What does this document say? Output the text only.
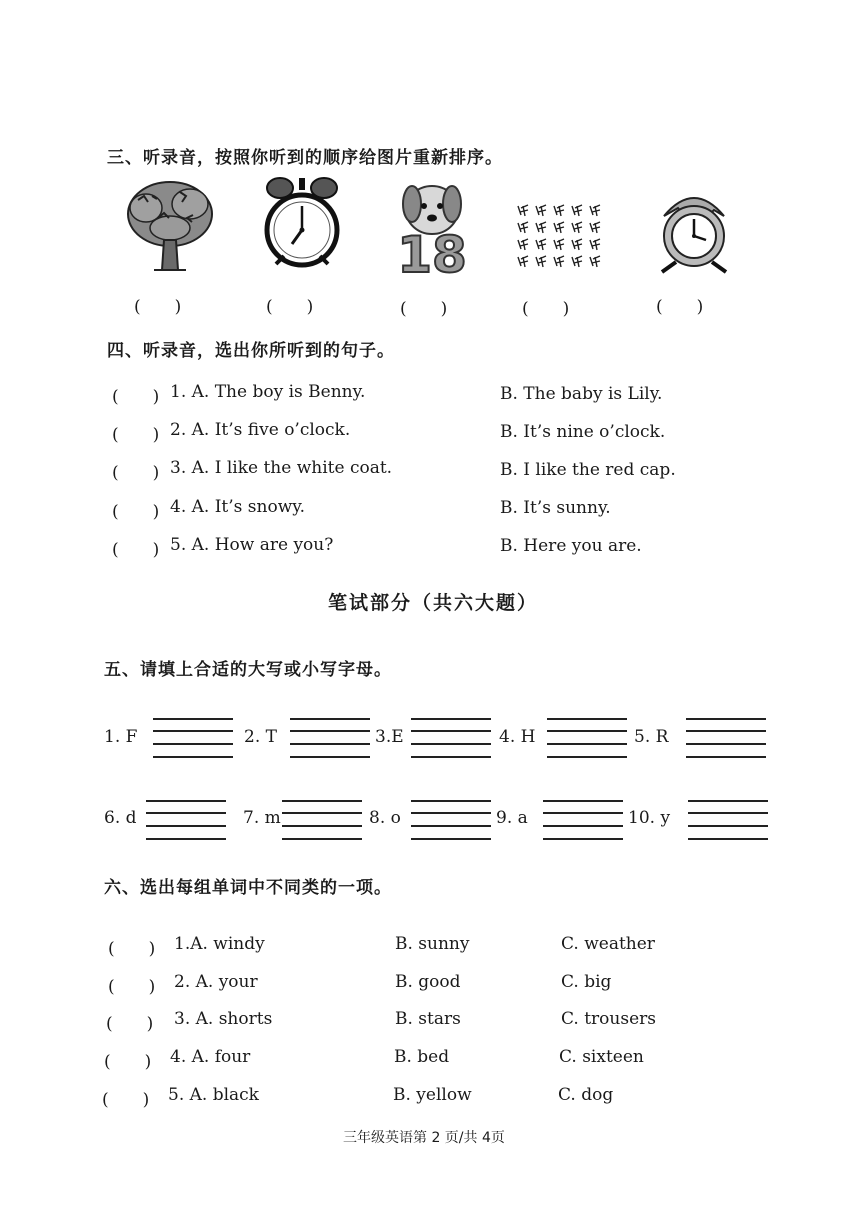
三、听录音，按照你听到的顺序给图片重新排序。
18
(　　)	(　　)	(　　)	(　　)	(　　)
四、听录音，选出你所听到的句子。
(　　) 1. A. The boy is Benny.	B. The baby is Lily.
(　　) 2. A. It’s five o’clock.	B. It’s nine o’clock.
(　　) 3. A. I like the white coat.	B. I like the red cap.
(　　) 4. A. It’s snowy.	B. It’s sunny.
(　　) 5. A. How are you?	B. Here you are.
笔试部分（共六大题）
五、请填上合适的大写或小写字母。
1. F	2. T	3.E	4. H	5. R
6. d	7. m	8. o	9. a	10. y
六、选出每组单词中不同类的一项。
(　　) 1.A. windy	B. sunny	C. weather
(　　) 2. A. your	B. good	C. big
(　　) 3. A. shorts	B. stars	C. trousers
(　　) 4. A. four	B. bed	C. sixteen
(　　) 5. A. black	B. yellow	C. dog
三年级英语第 2 页/共 4页
